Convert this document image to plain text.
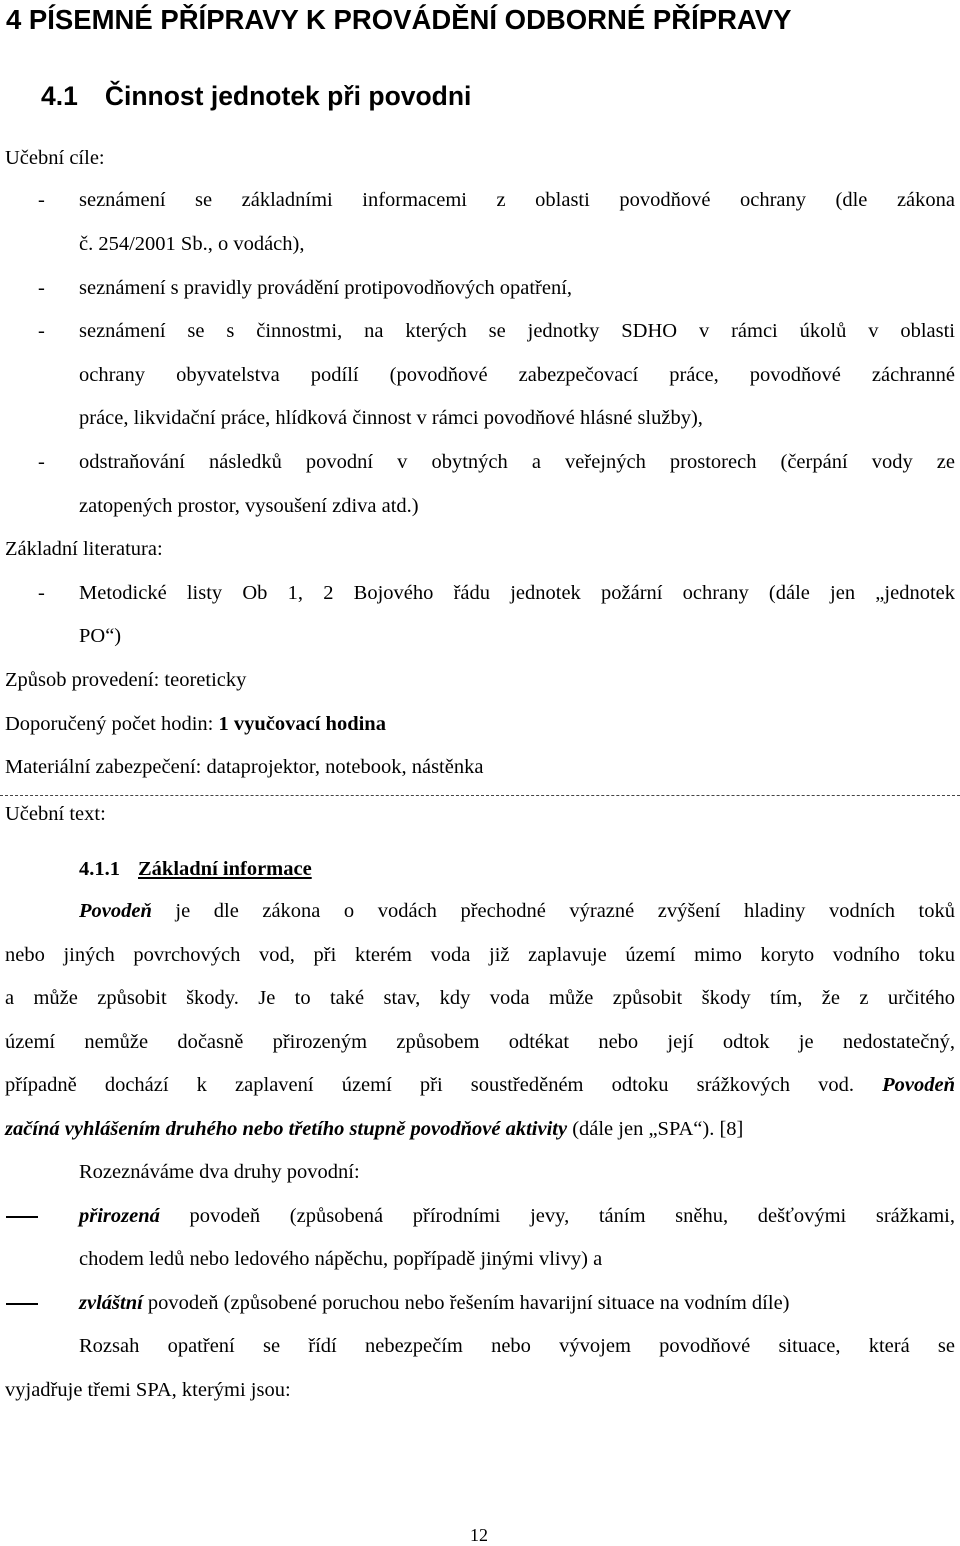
4 PÍSEMNÉ PŘÍPRAVY K PROVÁDĚNÍ ODBORNÉ PŘÍPRAVY
4.1 Činnost jednotek při povodni
Učební cíle:
- seznámení se základními informacemi z oblasti povodňové ochrany (dle zákona
č. 254/2001 Sb., o vodách),
- seznámení s pravidly provádění protipovodňových opatření,
- seznámení se s činnostmi, na kterých se jednotky SDHO v rámci úkolů v oblasti
ochrany obyvatelstva podílí (povodňové zabezpečovací práce, povodňové záchranné
práce, likvidační práce, hlídková činnost v rámci povodňové hlásné služby),
- odstraňování následků povodní v obytných a veřejných prostorech (čerpání vody ze
zatopených prostor, vysoušení zdiva atd.)
Základní literatura:
- Metodické listy Ob 1, 2 Bojového řádu jednotek požární ochrany (dále jen „jednotek
PO“)
Způsob provedení: teoreticky
Doporučený počet hodin: 1 vyučovací hodina
Materiální zabezpečení: dataprojektor, notebook, nástěnka
Učební text:
4.1.1 Základní informace
Povodeň je dle zákona o vodách přechodné výrazné zvýšení hladiny vodních toků
nebo jiných povrchových vod, při kterém voda již zaplavuje území mimo koryto vodního toku
a může způsobit škody. Je to také stav, kdy voda může způsobit škody tím, že z určitého
území nemůže dočasně přirozeným způsobem odtékat nebo její odtok je nedostatečný,
případně dochází k zaplavení území při soustředěném odtoku srážkových vod. Povodeň
začíná vyhlášením druhého nebo třetího stupně povodňové aktivity (dále jen „SPA“). [8]
Rozeznáváme dva druhy povodní:
přirozená povodeň (způsobená přírodními jevy, táním sněhu, dešťovými srážkami,
chodem ledů nebo ledového nápěchu, popřípadě jinými vlivy) a
zvláštní povodeň (způsobené poruchou nebo řešením havarijní situace na vodním díle)
Rozsah opatření se řídí nebezpečím nebo vývojem povodňové situace, která se
vyjadřuje třemi SPA, kterými jsou:
12
